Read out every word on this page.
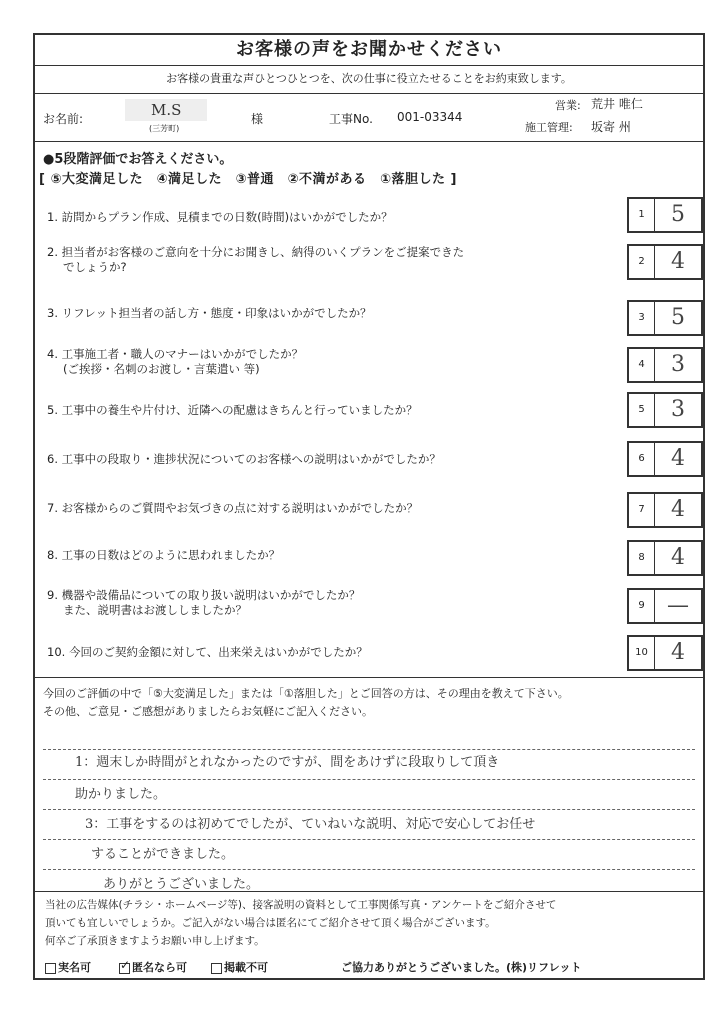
お客様の声をお聞かせください
お客様の貴重な声ひとつひとつを、次の仕事に役立たせることをお約束致します。
お名前:	M.S
(三芳町)
様	工事No. 001-03344
営業: 荒井 唯仁
施工管理: 坂寄 州
●5段階評価でお答えください。
[ ⑤大変満足した　④満足した　③普通　②不満がある　①落胆した ]
1. 訪問からプラン作成、見積までの日数(時間)はいかがでしたか？	1	5
2. 担当者がお客様のご意向を十分にお聞きし、納得のいくプランをご提案できた
でしょうか?	2	4
3. リフレット担当者の話し方・態度・印象はいかがでしたか？	3	5
4. 工事施工者・職人のマナーはいかがでしたか？
(ご挨拶・名刺のお渡し・言葉遣い 等)	4	3
5. 工事中の養生や片付け、近隣への配慮はきちんと行っていましたか？	5	3
6. 工事中の段取り・進捗状況についてのお客様への説明はいかがでしたか？	6	4
7. お客様からのご質問やお気づきの点に対する説明はいかがでしたか？	7	4
8. 工事の日数はどのように思われましたか？	8	4
9. 機器や設備品についての取り扱い説明はいかがでしたか？
また、説明書はお渡ししましたか？	9	—
10. 今回のご契約金額に対して、出来栄えはいかがでしたか？	10	4
今回のご評価の中で「⑤大変満足した」または「①落胆した」とご回答の方は、その理由を教えて下さい。
その他、ご意見・ご感想がありましたらお気軽にご記入ください。
1：週末しか時間がとれなかったのですが、間をあけずに段取りして頂き
助かりました。
3：工事をするのは初めてでしたが、ていねいな説明、対応で安心してお任せ
することができました。
ありがとうございました。
当社の広告媒体(チラシ・ホームページ等)、接客説明の資料として工事関係写真・アンケートをご紹介させて
頂いても宜しいでしょうか。ご記入がない場合は匿名にてご紹介させて頂く場合がございます。
何卒ご了承頂きますようお願い申し上げます。
実名可 ✓ 匿名なら可	掲載不可	ご協力ありがとうございました。(株)リフレット
